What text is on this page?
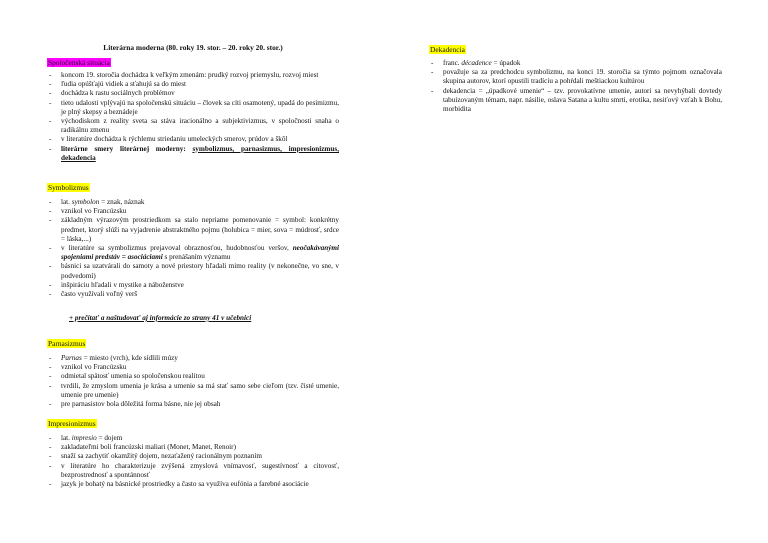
Literárna moderna (80. roky 19. stor. – 20. roky 20. stor.)
Spoločenská situácia
- koncom 19. storočia dochádza k veľkým zmenám: prudký rozvoj priemyslu, rozvoj miest
- ľudia opúšťajú vidiek a sťahujú sa do miest
- dochádza k rastu sociálnych problémov
- tieto udalosti vplývajú na spoločenskú situáciu – človek sa cíti osamotený, upadá do pesimizmu, je plný skepsy a beznádeje
- východiskom z reality sveta sa stáva iracionálno a subjektivizmus, v spoločnosti snaha o radikálnu zmenu
- v literatúre dochádza k rýchlemu striedaniu umeleckých smerov, prúdov a škôl
- literárne smery literárnej moderny: symbolizmus, parnasizmus, impresionizmus, dekadencia
Symbolizmus
- lat. symbolon = znak, náznak
- vznikol vo Francúzsku
- základným výrazovým prostriedkom sa stalo nepriame pomenovanie = symbol: konkrétny predmet, ktorý slúži na vyjadrenie abstraktného pojmu (holubica = mier, sova = múdrosť, srdce = láska,...)
- v literatúre sa symbolizmus prejavoval obraznosťou, hudobnosťou veršov, neočakávanými spojeniami predstáv = asociáciami s prenášaním významu
- básnici sa uzatvárali do samoty a nové priestory hľadali mimo reality (v nekonečne, vo sne, v podvedomí)
- inšpiráciu hľadali v mystike a náboženstve
- často využívali voľný verš
+ prečítať a naštudovať aj informácie zo strany 41 v učebnici
Parnasizmus
- Parnas = miesto (vrch), kde sídlili múzy
- vznikol vo Francúzsku
- odmietal spätosť umenia so spoločenskou realitou
- tvrdili, že zmyslom umenia je krása a umenie sa má stať samo sebe cieľom (tzv. čisté umenie, umenie pre umenie)
- pre parnasistov bola dôležitá forma básne, nie jej obsah
Impresionizmus
- lat. impresio = dojem
- zakladateľmi boli francúzski maliari (Monet, Manet, Renoir)
- snaží sa zachytiť okamžitý dojem, nezaťažený racionálnym poznaním
- v literatúre ho charakterizuje zvýšená zmyslová vnímavosť, sugestívnosť a citovosť, bezprostrednosť a spontánnosť
- jazyk je bohatý na básnické prostriedky a často sa využíva eufónia a farebné asociácie
Dekadencia
- franc. décadence = úpadok
- považuje sa za predchodcu symbolizmu, na konci 19. storočia sa týmto pojmom označovala skupina autorov, ktorí opustili tradíciu a pohŕdali meštiackou kultúrou
- dekadencia = „úpadkové umenie“ – tzv. provokatívne umenie, autori sa nevyhýbali dovtedy tabuizovaným témam, napr. násilie, oslava Satana a kultu smrti, erotika, nesiťový vzťah k Bohu, morbidita
